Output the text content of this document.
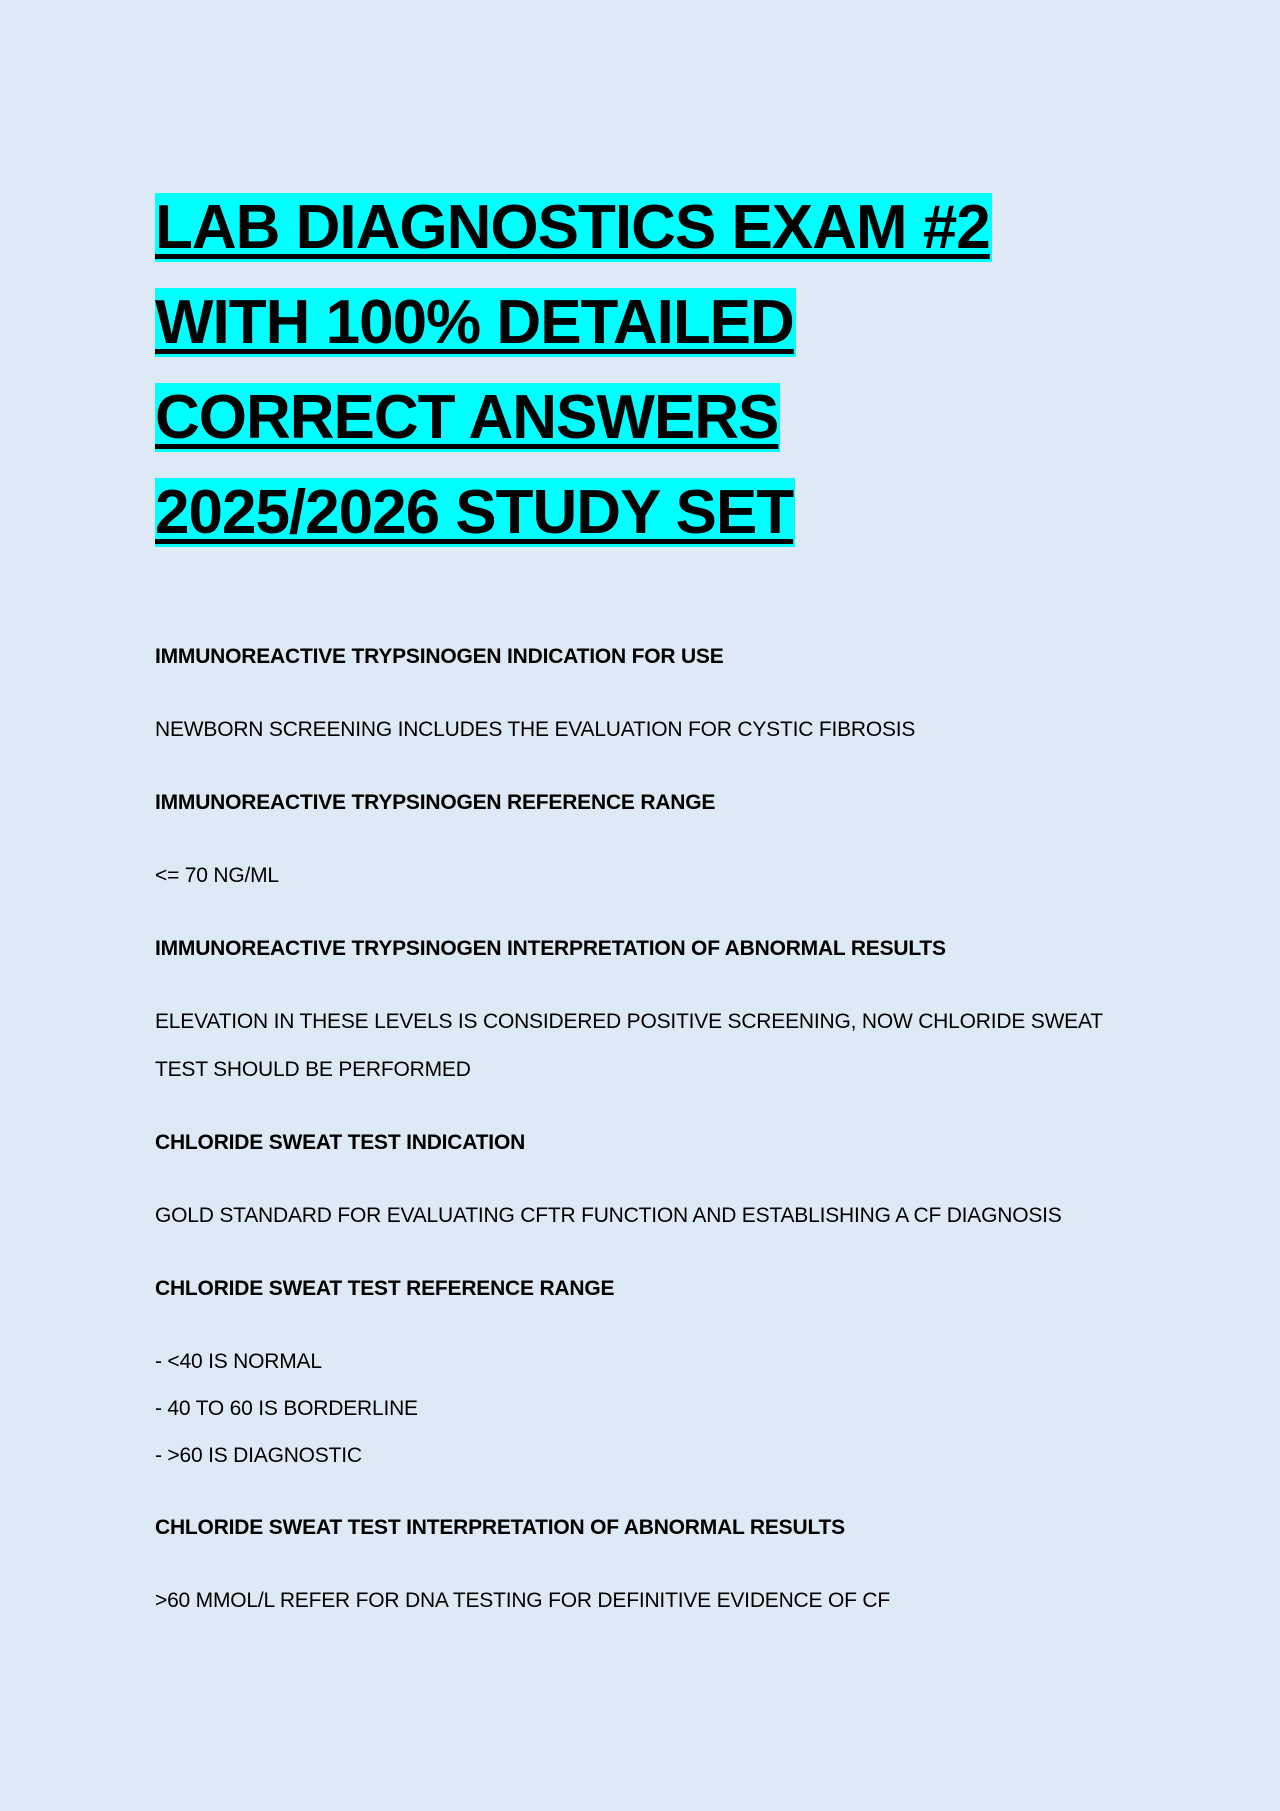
LAB DIAGNOSTICS EXAM #2
WITH 100% DETAILED
CORRECT ANSWERS
2025/2026 STUDY SET

IMMUNOREACTIVE TRYPSINOGEN INDICATION FOR USE

NEWBORN SCREENING INCLUDES THE EVALUATION FOR CYSTIC FIBROSIS

IMMUNOREACTIVE TRYPSINOGEN REFERENCE RANGE

<= 70 NG/ML

IMMUNOREACTIVE TRYPSINOGEN INTERPRETATION OF ABNORMAL RESULTS

ELEVATION IN THESE LEVELS IS CONSIDERED POSITIVE SCREENING, NOW CHLORIDE SWEAT
TEST SHOULD BE PERFORMED

CHLORIDE SWEAT TEST INDICATION

GOLD STANDARD FOR EVALUATING CFTR FUNCTION AND ESTABLISHING A CF DIAGNOSIS

CHLORIDE SWEAT TEST REFERENCE RANGE

- <40 IS NORMAL
- 40 TO 60 IS BORDERLINE
- >60 IS DIAGNOSTIC

CHLORIDE SWEAT TEST INTERPRETATION OF ABNORMAL RESULTS

>60 MMOL/L REFER FOR DNA TESTING FOR DEFINITIVE EVIDENCE OF CF
